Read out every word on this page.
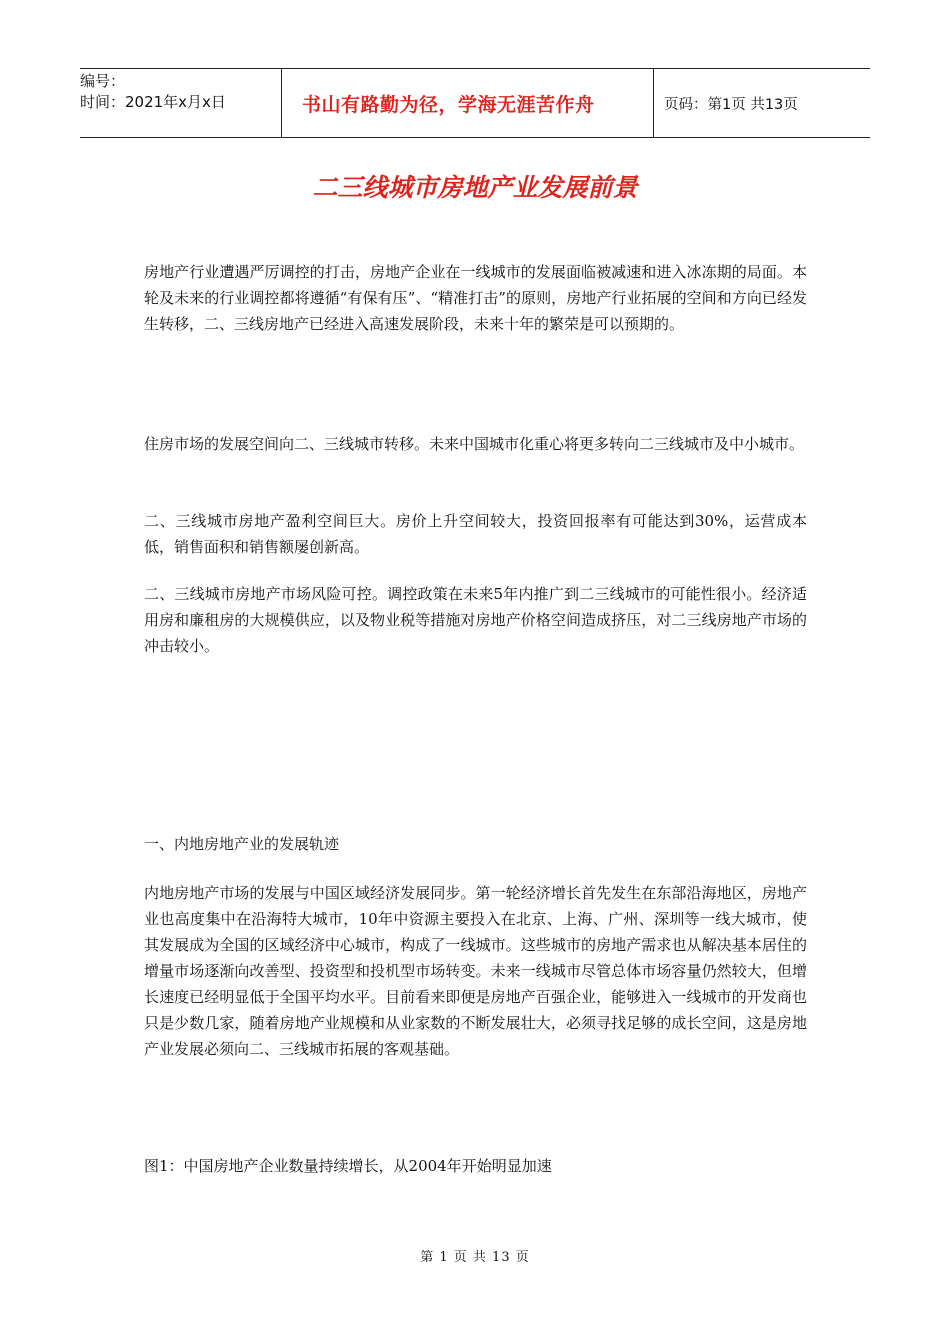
编号：
时间：2021年x月x日	书山有路勤为径，学海无涯苦作舟	页码：第1页 共13页
二三线城市房地产业发展前景

房地产行业遭遇严厉调控的打击，房地产企业在一线城市的发展面临被减速和进入冰冻期的局面。本轮及未来的行业调控都将遵循“有保有压”、“精准打击”的原则，房地产行业拓展的空间和方向已经发生转移，二、三线房地产已经进入高速发展阶段，未来十年的繁荣是可以预期的。

住房市场的发展空间向二、三线城市转移。未来中国城市化重心将更多转向二三线城市及中小城市。

二、三线城市房地产盈利空间巨大。房价上升空间较大，投资回报率有可能达到30%，运营成本低，销售面积和销售额屡创新高。

二、三线城市房地产市场风险可控。调控政策在未来5年内推广到二三线城市的可能性很小。经济适用房和廉租房的大规模供应，以及物业税等措施对房地产价格空间造成挤压，对二三线房地产市场的冲击较小。

一、内地房地产业的发展轨迹

内地房地产市场的发展与中国区域经济发展同步。第一轮经济增长首先发生在东部沿海地区，房地产业也高度集中在沿海特大城市，10年中资源主要投入在北京、上海、广州、深圳等一线大城市，使其发展成为全国的区域经济中心城市，构成了一线城市。这些城市的房地产需求也从解决基本居住的增量市场逐渐向改善型、投资型和投机型市场转变。未来一线城市尽管总体市场容量仍然较大，但增长速度已经明显低于全国平均水平。目前看来即便是房地产百强企业，能够进入一线城市的开发商也只是少数几家，随着房地产业规模和从业家数的不断发展壮大，必须寻找足够的成长空间，这是房地产业发展必须向二、三线城市拓展的客观基础。

图1：中国房地产企业数量持续增长，从2004年开始明显加速

第 1 页 共 13 页
